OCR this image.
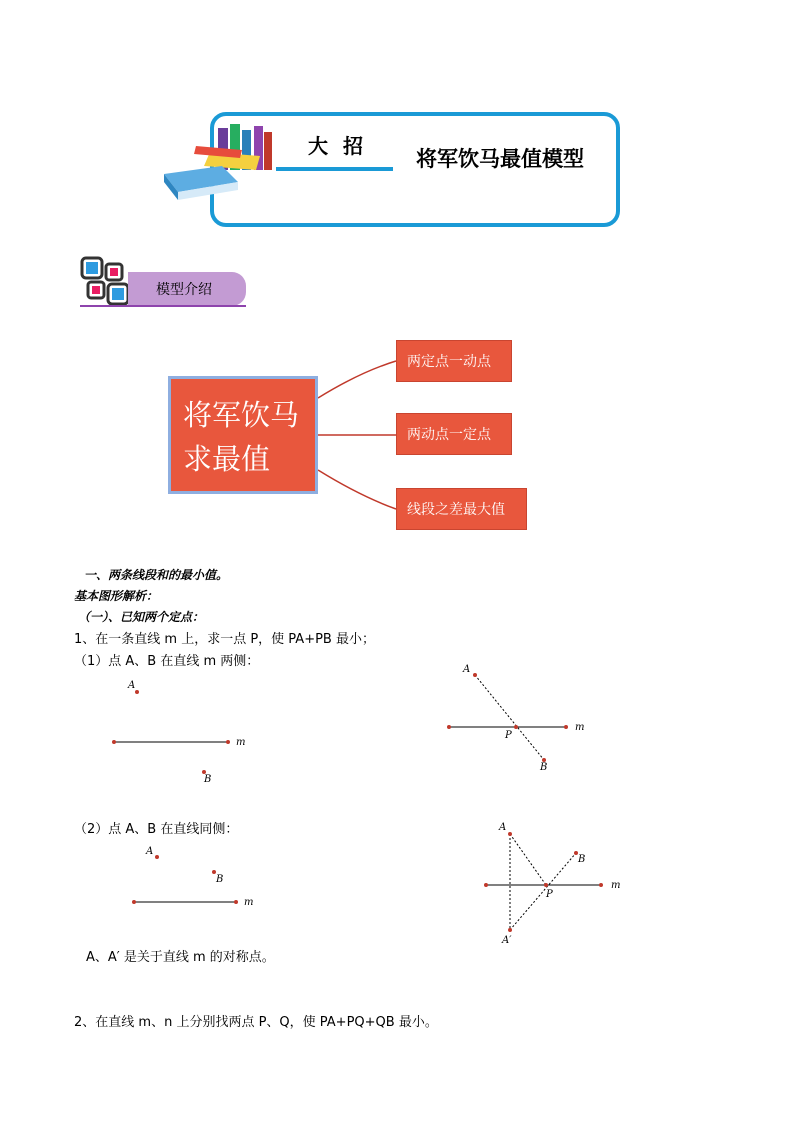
大 招
将军饮马最值模型
模型介绍
将军饮马
求最值
两定点一动点
两动点一定点
线段之差最大值
一、两条线段和的最小值。
基本图形解析：
（一）、已知两个定点：
1、在一条直线 m 上，求一点 P，使 PA+PB 最小；
（1）点 A、B 在直线 m 两侧：
（2）点 A、B 在直线同侧：
A、A′ 是关于直线 m 的对称点。
2、在直线 m、n 上分别找两点 P、Q，使 PA+PQ+QB 最小。
m
A
B
m
A
P
B
m
A
B
m
A
B
P
A′
